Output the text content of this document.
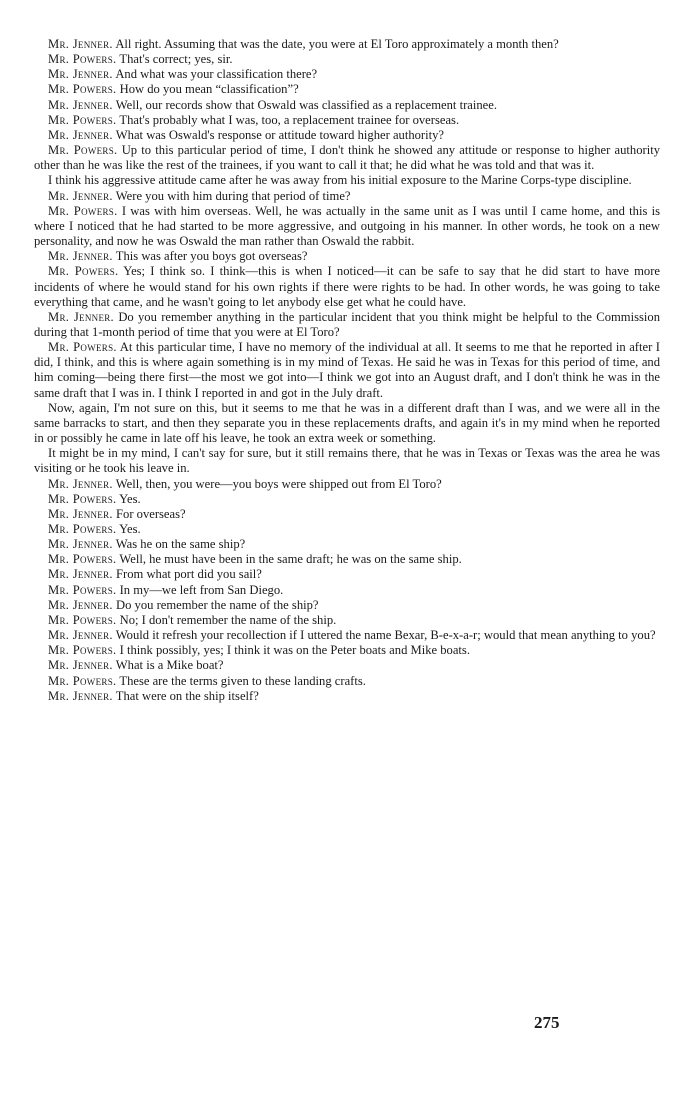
Mr. Jenner. All right. Assuming that was the date, you were at El Toro approximately a month then?

Mr. Powers. That's correct; yes, sir.

Mr. Jenner. And what was your classification there?

Mr. Powers. How do you mean “classification”?

Mr. Jenner. Well, our records show that Oswald was classified as a replacement trainee.

Mr. Powers. That's probably what I was, too, a replacement trainee for overseas.

Mr. Jenner. What was Oswald's response or attitude toward higher authority?

Mr. Powers. Up to this particular period of time, I don't think he showed any attitude or response to higher authority other than he was like the rest of the trainees, if you want to call it that; he did what he was told and that was it.

I think his aggressive attitude came after he was away from his initial exposure to the Marine Corps-type discipline.

Mr. Jenner. Were you with him during that period of time?

Mr. Powers. I was with him overseas. Well, he was actually in the same unit as I was until I came home, and this is where I noticed that he had started to be more aggressive, and outgoing in his manner. In other words, he took on a new personality, and now he was Oswald the man rather than Oswald the rabbit.

Mr. Jenner. This was after you boys got overseas?

Mr. Powers. Yes; I think so. I think—this is when I noticed—it can be safe to say that he did start to have more incidents of where he would stand for his own rights if there were rights to be had. In other words, he was going to take everything that came, and he wasn't going to let anybody else get what he could have.

Mr. Jenner. Do you remember anything in the particular incident that you think might be helpful to the Commission during that 1-month period of time that you were at El Toro?

Mr. Powers. At this particular time, I have no memory of the individual at all. It seems to me that he reported in after I did, I think, and this is where again something is in my mind of Texas. He said he was in Texas for this period of time, and him coming—being there first—the most we got into—I think we got into an August draft, and I don't think he was in the same draft that I was in. I think I reported in and got in the July draft.

Now, again, I'm not sure on this, but it seems to me that he was in a different draft than I was, and we were all in the same barracks to start, and then they separate you in these replacements drafts, and again it's in my mind when he reported in or possibly he came in late off his leave, he took an extra week or something.

It might be in my mind, I can't say for sure, but it still remains there, that he was in Texas or Texas was the area he was visiting or he took his leave in.

Mr. Jenner. Well, then, you were—you boys were shipped out from El Toro?

Mr. Powers. Yes.

Mr. Jenner. For overseas?

Mr. Powers. Yes.

Mr. Jenner. Was he on the same ship?

Mr. Powers. Well, he must have been in the same draft; he was on the same ship.

Mr. Jenner. From what port did you sail?

Mr. Powers. In my—we left from San Diego.

Mr. Jenner. Do you remember the name of the ship?

Mr. Powers. No; I don't remember the name of the ship.

Mr. Jenner. Would it refresh your recollection if I uttered the name Bexar, B-e-x-a-r; would that mean anything to you?

Mr. Powers. I think possibly, yes; I think it was on the Peter boats and Mike boats.

Mr. Jenner. What is a Mike boat?

Mr. Powers. These are the terms given to these landing crafts.

Mr. Jenner. That were on the ship itself?

275
